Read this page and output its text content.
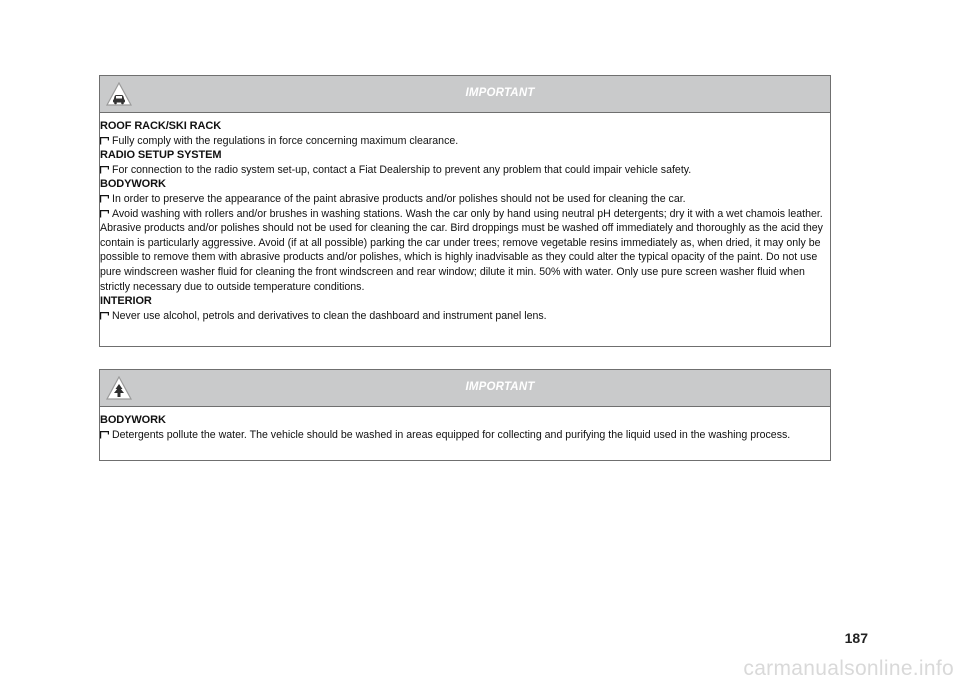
IMPORTANT

ROOF RACK/SKI RACK

Fully comply with the regulations in force concerning maximum clearance.

RADIO SETUP SYSTEM

For connection to the radio system set-up, contact a Fiat Dealership to prevent any problem that could impair vehicle safety.

BODYWORK

In order to preserve the appearance of the paint abrasive products and/or polishes should not be used for cleaning the car.

Avoid washing with rollers and/or brushes in washing stations. Wash the car only by hand using neutral pH detergents; dry it with a wet chamois leather. Abrasive products and/or polishes should not be used for cleaning the car. Bird droppings must be washed off immediately and thoroughly as the acid they contain is particularly aggressive. Avoid (if at all possible) parking the car under trees; remove vegetable resins immediately as, when dried, it may only be possible to remove them with abrasive products and/or polishes, which is highly inadvisable as they could alter the typical opacity of the paint. Do not use pure windscreen washer fluid for cleaning the front windscreen and rear window; dilute it min. 50% with water. Only use pure screen washer fluid when strictly necessary due to outside temperature conditions.

INTERIOR

Never use alcohol, petrols and derivatives to clean the dashboard and instrument panel lens.

IMPORTANT

BODYWORK

Detergents pollute the water. The vehicle should be washed in areas equipped for collecting and purifying the liquid used in the washing process.

187
carmanualsonline.info
